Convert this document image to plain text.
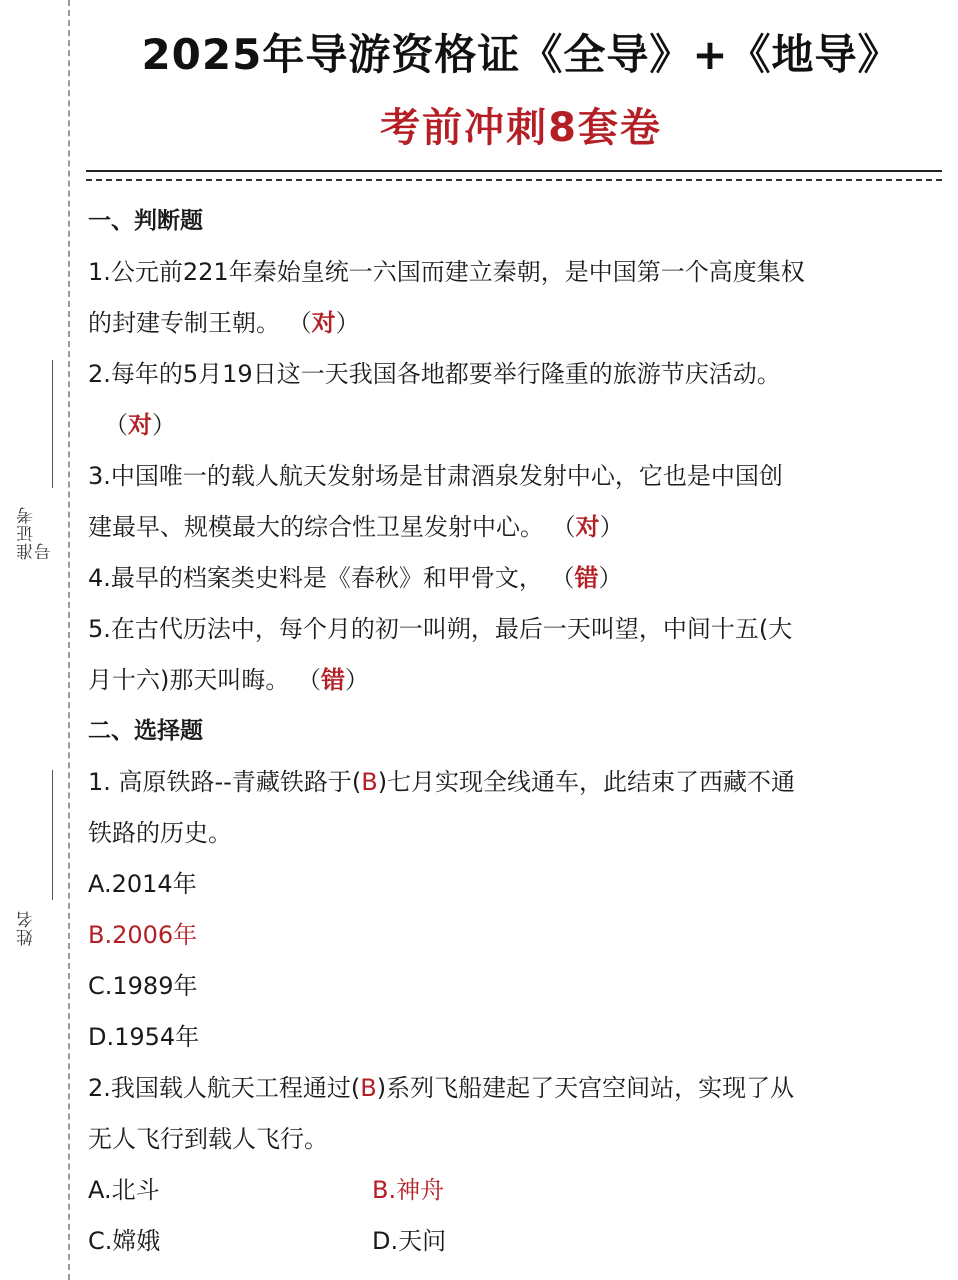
准证考号
姓名
2025年导游资格证《全导》+《地导》
考前冲刺8套卷
一、判断题
1.公元前221年秦始皇统一六国而建立秦朝，是中国第一个高度集权
的封建专制王朝。 （对）
2.每年的5月19日这一天我国各地都要举行隆重的旅游节庆活动。
（对）
3.中国唯一的载人航天发射场是甘肃酒泉发射中心，它也是中国创
建最早、规模最大的综合性卫星发射中心。 （对）
4.最早的档案类史料是《春秋》和甲骨文， （错）
5.在古代历法中，每个月的初一叫朔，最后一天叫望，中间十五(大
月十六)那天叫晦。 （错）
二、选择题
1. 高原铁路--青藏铁路于(B)七月实现全线通车，此结束了西藏不通
铁路的历史。
A.2014年
B.2006年
C.1989年
D.1954年
2.我国载人航天工程通过(B)系列飞船建起了天宫空间站，实现了从
无人飞行到载人飞行。
A.北斗	B.神舟
C.嫦娥	D.天问
